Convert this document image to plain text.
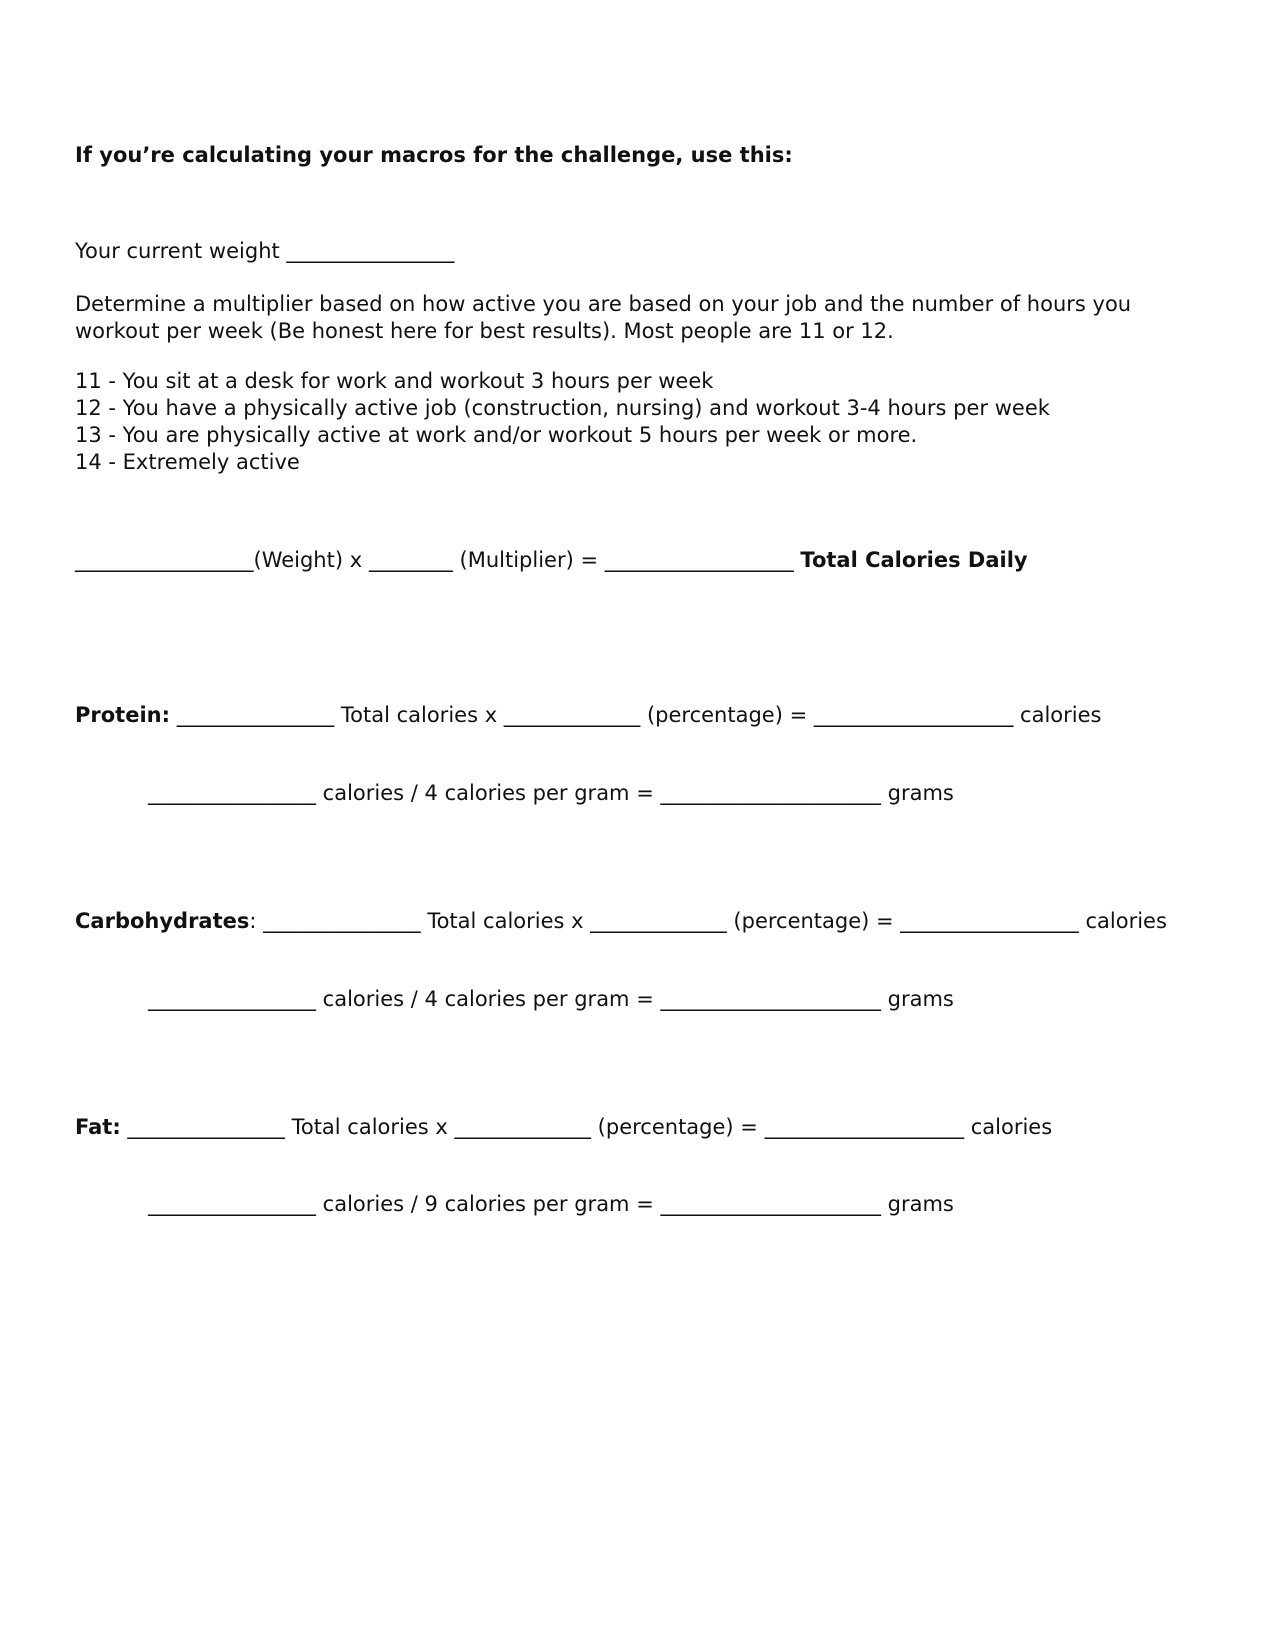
If you’re calculating your macros for the challenge, use this:
Your current weight ________________
Determine a multiplier based on how active you are based on your job and the number of hours you workout per week (Be honest here for best results). Most people are 11 or 12.
11 - You sit at a desk for work and workout 3 hours per week
12 - You have a physically active job (construction, nursing) and workout 3-4 hours per week
13 - You are physically active at work and/or workout 5 hours per week or more.
14 - Extremely active
_________________(Weight) x ________ (Multiplier) = __________________ Total Calories Daily
Protein: _______________ Total calories x _____________ (percentage) = ___________________ calories
________________ calories / 4 calories per gram = _____________________ grams
Carbohydrates: _______________ Total calories x _____________ (percentage) = _________________ calories
________________ calories / 4 calories per gram = _____________________ grams
Fat: _______________ Total calories x _____________ (percentage) = ___________________ calories
________________ calories / 9 calories per gram = _____________________ grams
